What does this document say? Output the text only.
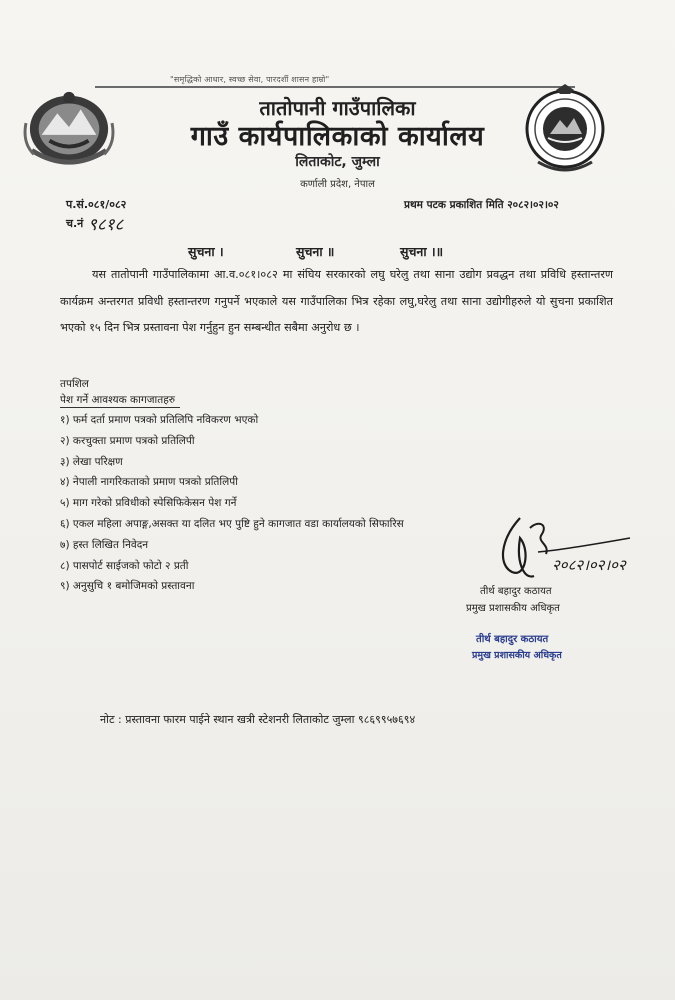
"समृद्धिको आधार, स्वच्छ सेवा, पारदर्शी शासन हाम्रो"
तातोपानी गाउँपालिका
गाउँ कार्यपालिकाको कार्यालय
लिताकोट, जुम्ला
कर्णाली प्रदेश, नेपाल
प.सं.०८१/०८२
च.नं ९८१८
प्रथम पटक प्रकाशित मिति २०८२।०२।०२
सुचना ।	सुचना ॥	सुचना ।॥
यस तातोपानी गाउँपालिकामा आ.व.०८१।०८२ मा संघिय सरकारको लघु घरेलु तथा साना उद्योग प्रवद्धन तथा प्रविधि हस्तान्तरण कार्यक्रम अन्तरगत प्रविधी हस्तान्तरण गनुपर्ने भएकाले यस गाउँपालिका भित्र रहेका लघु,घरेलु तथा साना उद्योगीहरुले यो सुचना प्रकाशित भएको १५ दिन भित्र प्रस्तावना पेश गर्नुहुन हुन सम्बन्धीत सबैमा अनुरोध छ ।
तपशिल
पेश गर्ने आवश्यक कागजातहरु
१) फर्म दर्ता प्रमाण पत्रको प्रतिलिपि नविकरण भएको
२) करचुक्ता प्रमाण पत्रको प्रतिलिपी
३) लेखा परिक्षण
४) नेपाली नागरिकताको प्रमाण पत्रको प्रतिलिपी
५) माग गरेको प्रविधीको स्पेसिफिकेसन पेश गर्ने
६) एकल महिला अपाङ्ग,असक्त या दलित भए पुष्टि हुने कागजात वडा कार्यालयको सिफारिस
७) हस्त लिखित निवेदन
८) पासपोर्ट साईजको फोटो २ प्रती
९) अनुसुचि १ बमोजिमको प्रस्तावना
२०८२।०२।०२
तीर्थ बहादुर कठायत
प्रमुख प्रशासकीय अधिकृत
तीर्थ बहादुर कठायत
प्रमुख प्रशासकीय अधिकृत
नोट : प्रस्तावना फारम पाईने स्थान खत्री स्टेशनरी लिताकोट जुम्ला ९८६९९५७६९४
